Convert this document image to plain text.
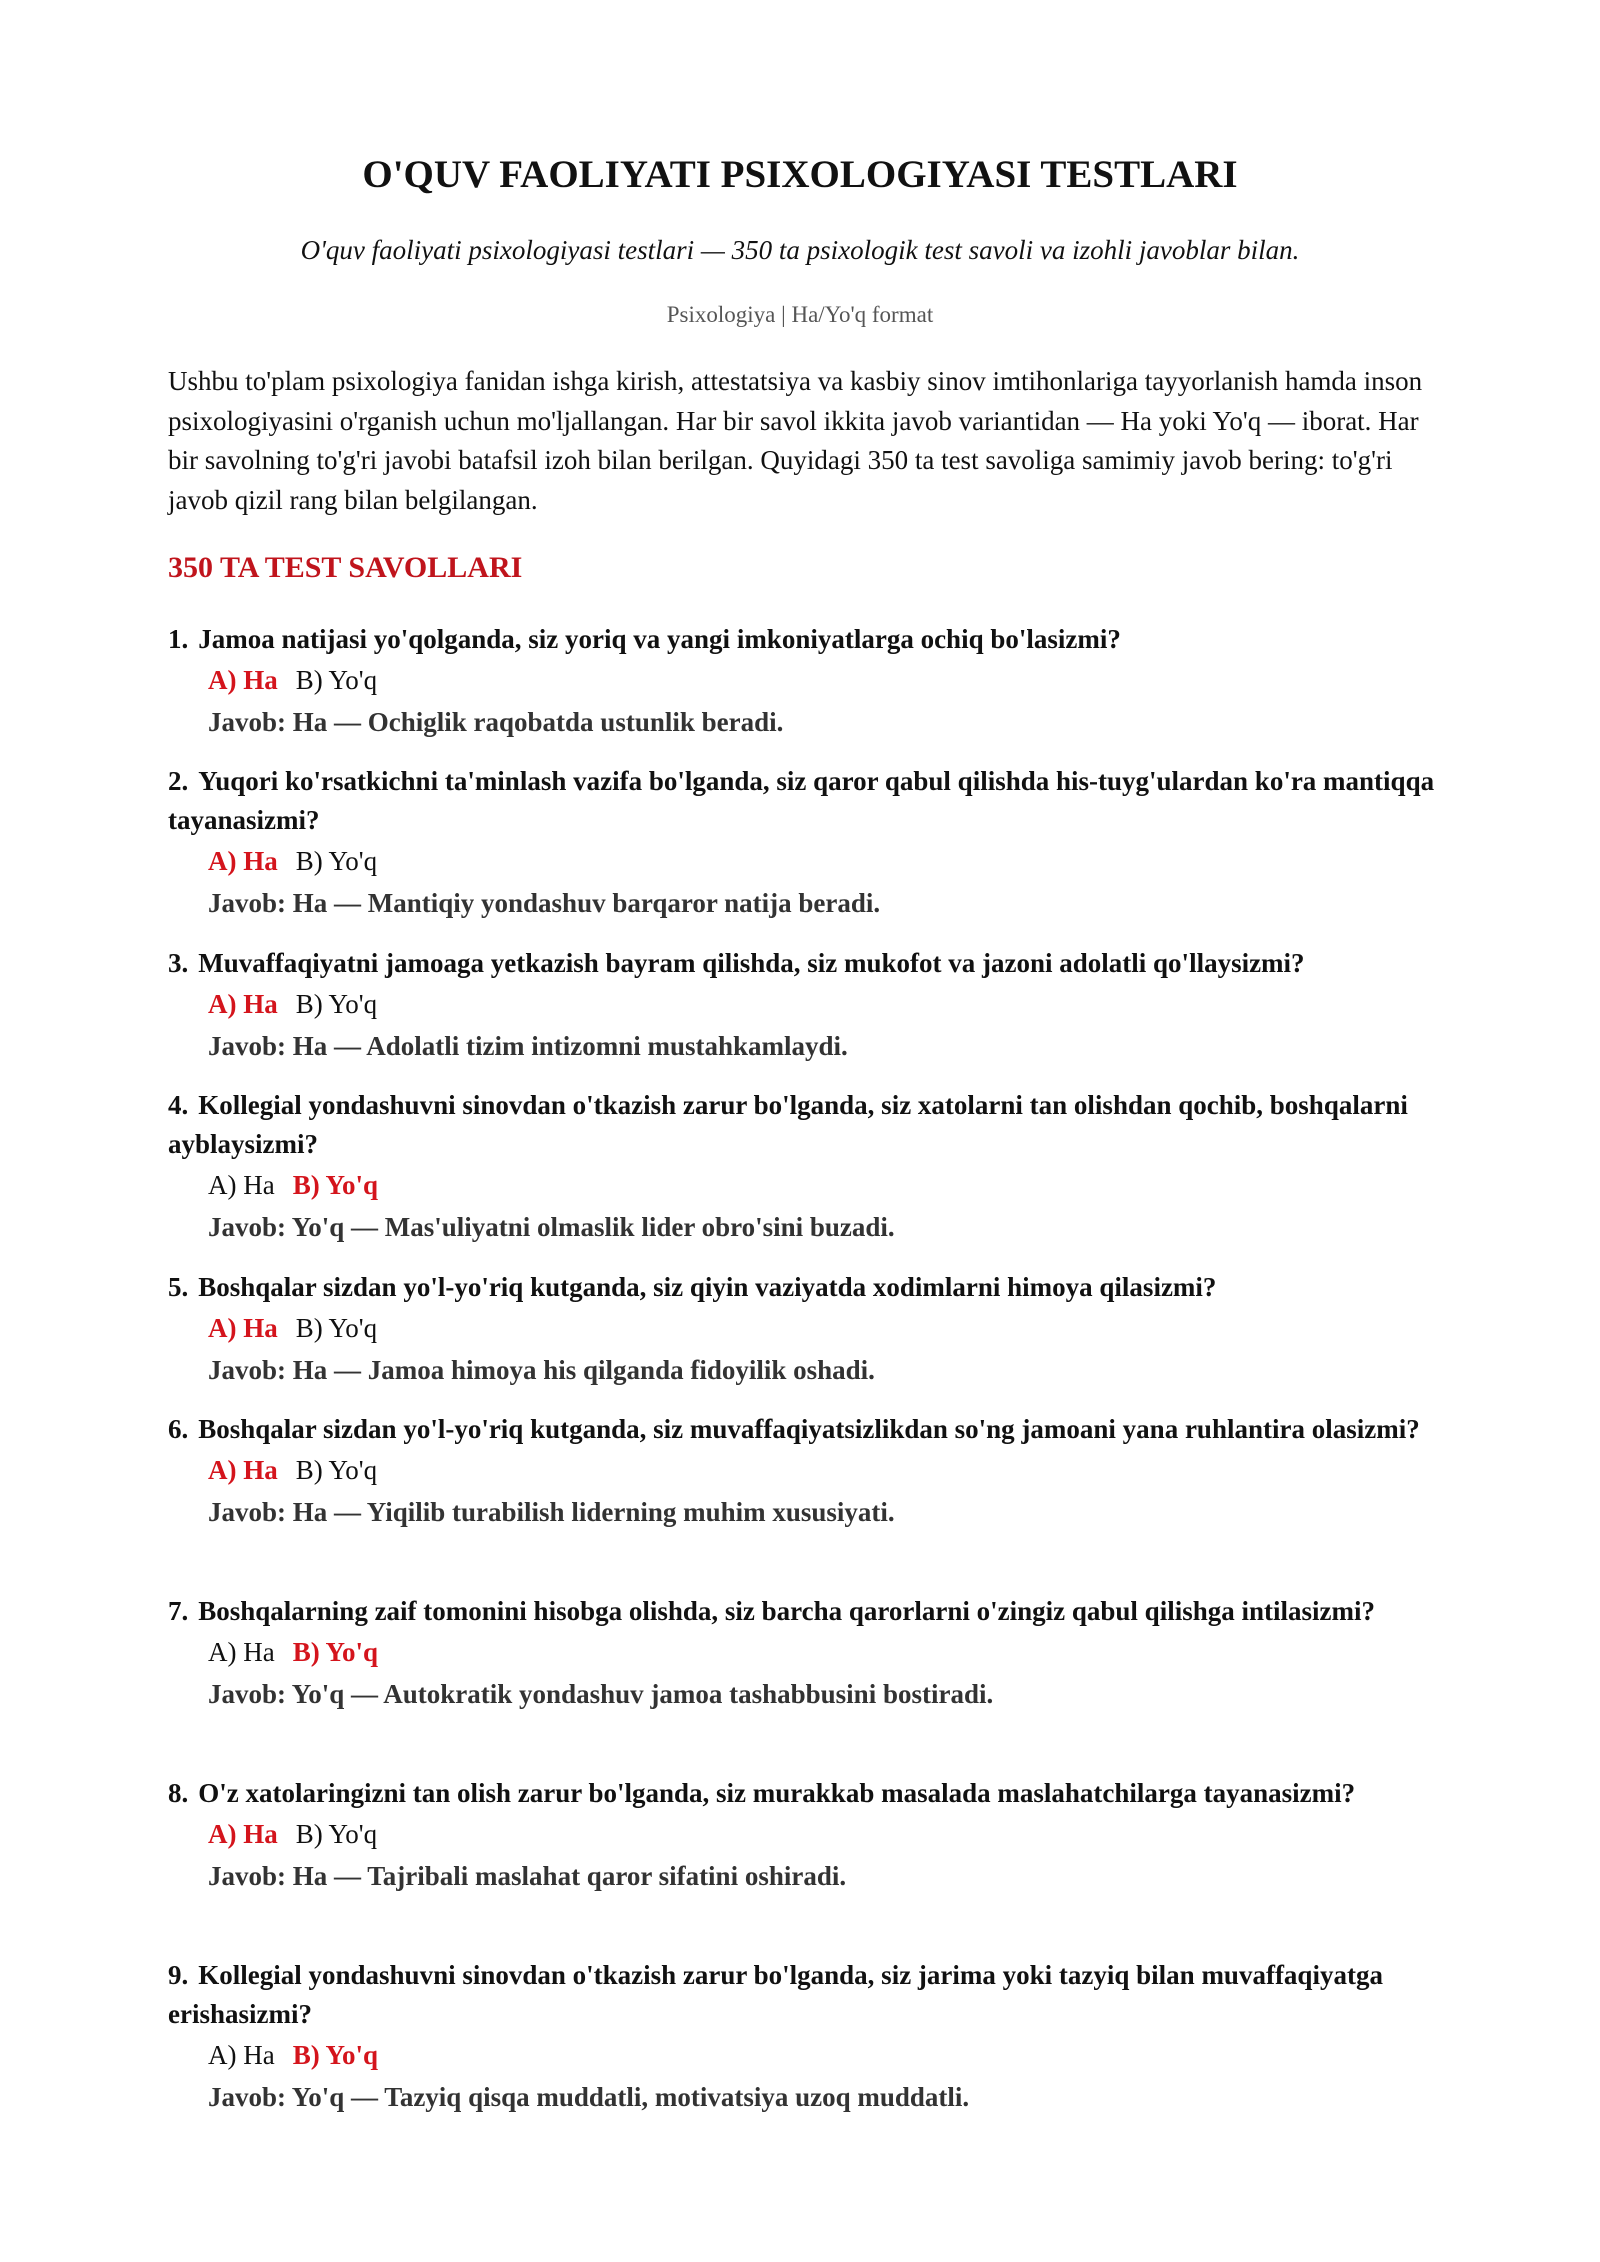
O'QUV FAOLIYATI PSIXOLOGIYASI TESTLARI
O'quv faoliyati psixologiyasi testlari — 350 ta psixologik test savoli va izohli javoblar bilan.
Psixologiya | Ha/Yo'q format
Ushbu to'plam psixologiya fanidan ishga kirish, attestatsiya va kasbiy sinov imtihonlariga tayyorlanish hamda inson psixologiyasini o'rganish uchun mo'ljallangan. Har bir savol ikkita javob variantidan — Ha yoki Yo'q — iborat. Har bir savolning to'g'ri javobi batafsil izoh bilan berilgan. Quyidagi 350 ta test savoliga samimiy javob bering: to'g'ri javob qizil rang bilan belgilangan.
350 TA TEST SAVOLLARI
1. Jamoa natijasi yo'qolganda, siz yoriq va yangi imkoniyatlarga ochiq bo'lasizmi?
A) Ha B) Yo'q
Javob: Ha — Ochiglik raqobatda ustunlik beradi.
2. Yuqori ko'rsatkichni ta'minlash vazifa bo'lganda, siz qaror qabul qilishda his-tuyg'ulardan ko'ra mantiqqa tayanasizmi?
A) Ha B) Yo'q
Javob: Ha — Mantiqiy yondashuv barqaror natija beradi.
3. Muvaffaqiyatni jamoaga yetkazish bayram qilishda, siz mukofot va jazoni adolatli qo'llaysizmi?
A) Ha B) Yo'q
Javob: Ha — Adolatli tizim intizomni mustahkamlaydi.
4. Kollegial yondashuvni sinovdan o'tkazish zarur bo'lganda, siz xatolarni tan olishdan qochib, boshqalarni ayblaysizmi?
A) Ha B) Yo'q
Javob: Yo'q — Mas'uliyatni olmaslik lider obro'sini buzadi.
5. Boshqalar sizdan yo'l-yo'riq kutganda, siz qiyin vaziyatda xodimlarni himoya qilasizmi?
A) Ha B) Yo'q
Javob: Ha — Jamoa himoya his qilganda fidoyilik oshadi.
6. Boshqalar sizdan yo'l-yo'riq kutganda, siz muvaffaqiyatsizlikdan so'ng jamoani yana ruhlantira olasizmi?
A) Ha B) Yo'q
Javob: Ha — Yiqilib turabilish liderning muhim xususiyati.
7. Boshqalarning zaif tomonini hisobga olishda, siz barcha qarorlarni o'zingiz qabul qilishga intilasizmi?
A) Ha B) Yo'q
Javob: Yo'q — Autokratik yondashuv jamoa tashabbusini bostiradi.
8. O'z xatolaringizni tan olish zarur bo'lganda, siz murakkab masalada maslahatchilarga tayanasizmi?
A) Ha B) Yo'q
Javob: Ha — Tajribali maslahat qaror sifatini oshiradi.
9. Kollegial yondashuvni sinovdan o'tkazish zarur bo'lganda, siz jarima yoki tazyiq bilan muvaffaqiyatga erishasizmi?
A) Ha B) Yo'q
Javob: Yo'q — Tazyiq qisqa muddatli, motivatsiya uzoq muddatli.
